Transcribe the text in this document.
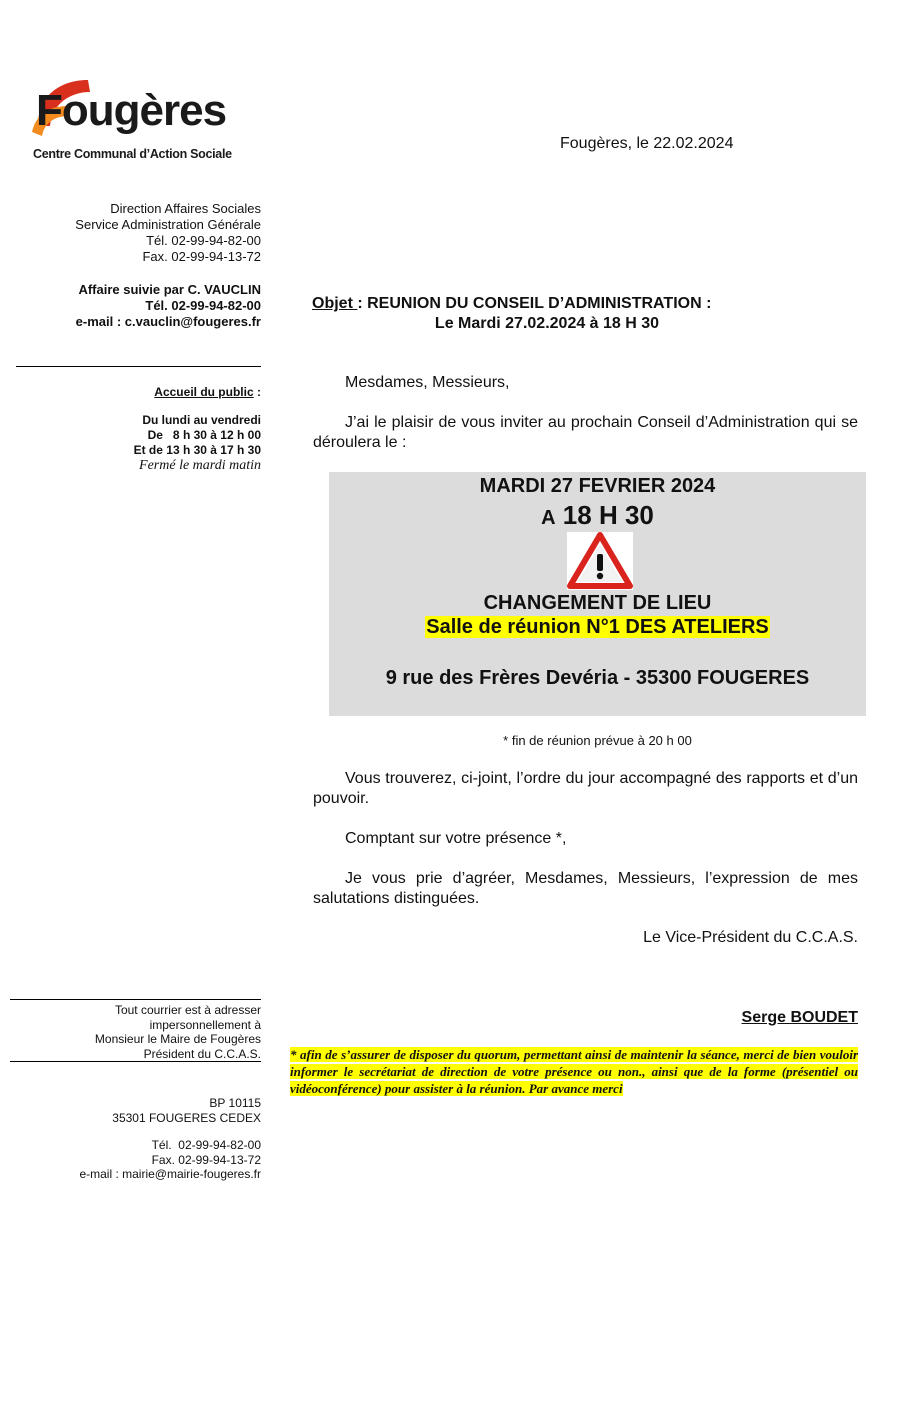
Fougères
Centre Communal d’Action Sociale
Fougères, le 22.02.2024
Direction Affaires Sociales
Service Administration Générale
Tél. 02-99-94-82-00
Fax. 02-99-94-13-72
Affaire suivie par C. VAUCLIN
Tél. 02-99-94-82-00
e-mail : c.vauclin@fougeres.fr
Accueil du public :
Du lundi au vendredi
De   8 h 30 à 12 h 00
Et de 13 h 30 à 17 h 30
Fermé le mardi matin
Objet : REUNION DU CONSEIL D’ADMINISTRATION :
Le Mardi 27.02.2024 à 18 H 30
Mesdames, Messieurs,
J’ai le plaisir de vous inviter au prochain Conseil d’Administration qui se déroulera le :
MARDI 27 FEVRIER 2024
A 18 H 30
CHANGEMENT DE LIEU
Salle de réunion N°1 DES ATELIERS
9 rue des Frères Devéria - 35300 FOUGERES
* fin de réunion prévue à 20 h 00
Vous trouverez, ci-joint, l’ordre du jour accompagné des rapports et d’un pouvoir.
Comptant sur votre présence *,
Je vous prie d’agréer, Mesdames, Messieurs, l’expression de mes salutations distinguées.
Le Vice-Président du C.C.A.S.
Serge BOUDET
Tout courrier est à adresser
impersonnellement à
Monsieur le Maire de Fougères
Président du C.C.A.S.
BP 10115
35301 FOUGERES CEDEX
Tél.  02-99-94-82-00
Fax. 02-99-94-13-72
e-mail : mairie@mairie-fougeres.fr
* afin de s’assurer de disposer du quorum, permettant ainsi de maintenir la séance, merci de bien vouloir informer le secrétariat de direction de votre présence ou non., ainsi que de la forme (présentiel ou vidéoconférence) pour assister à la réunion. Par avance merci
